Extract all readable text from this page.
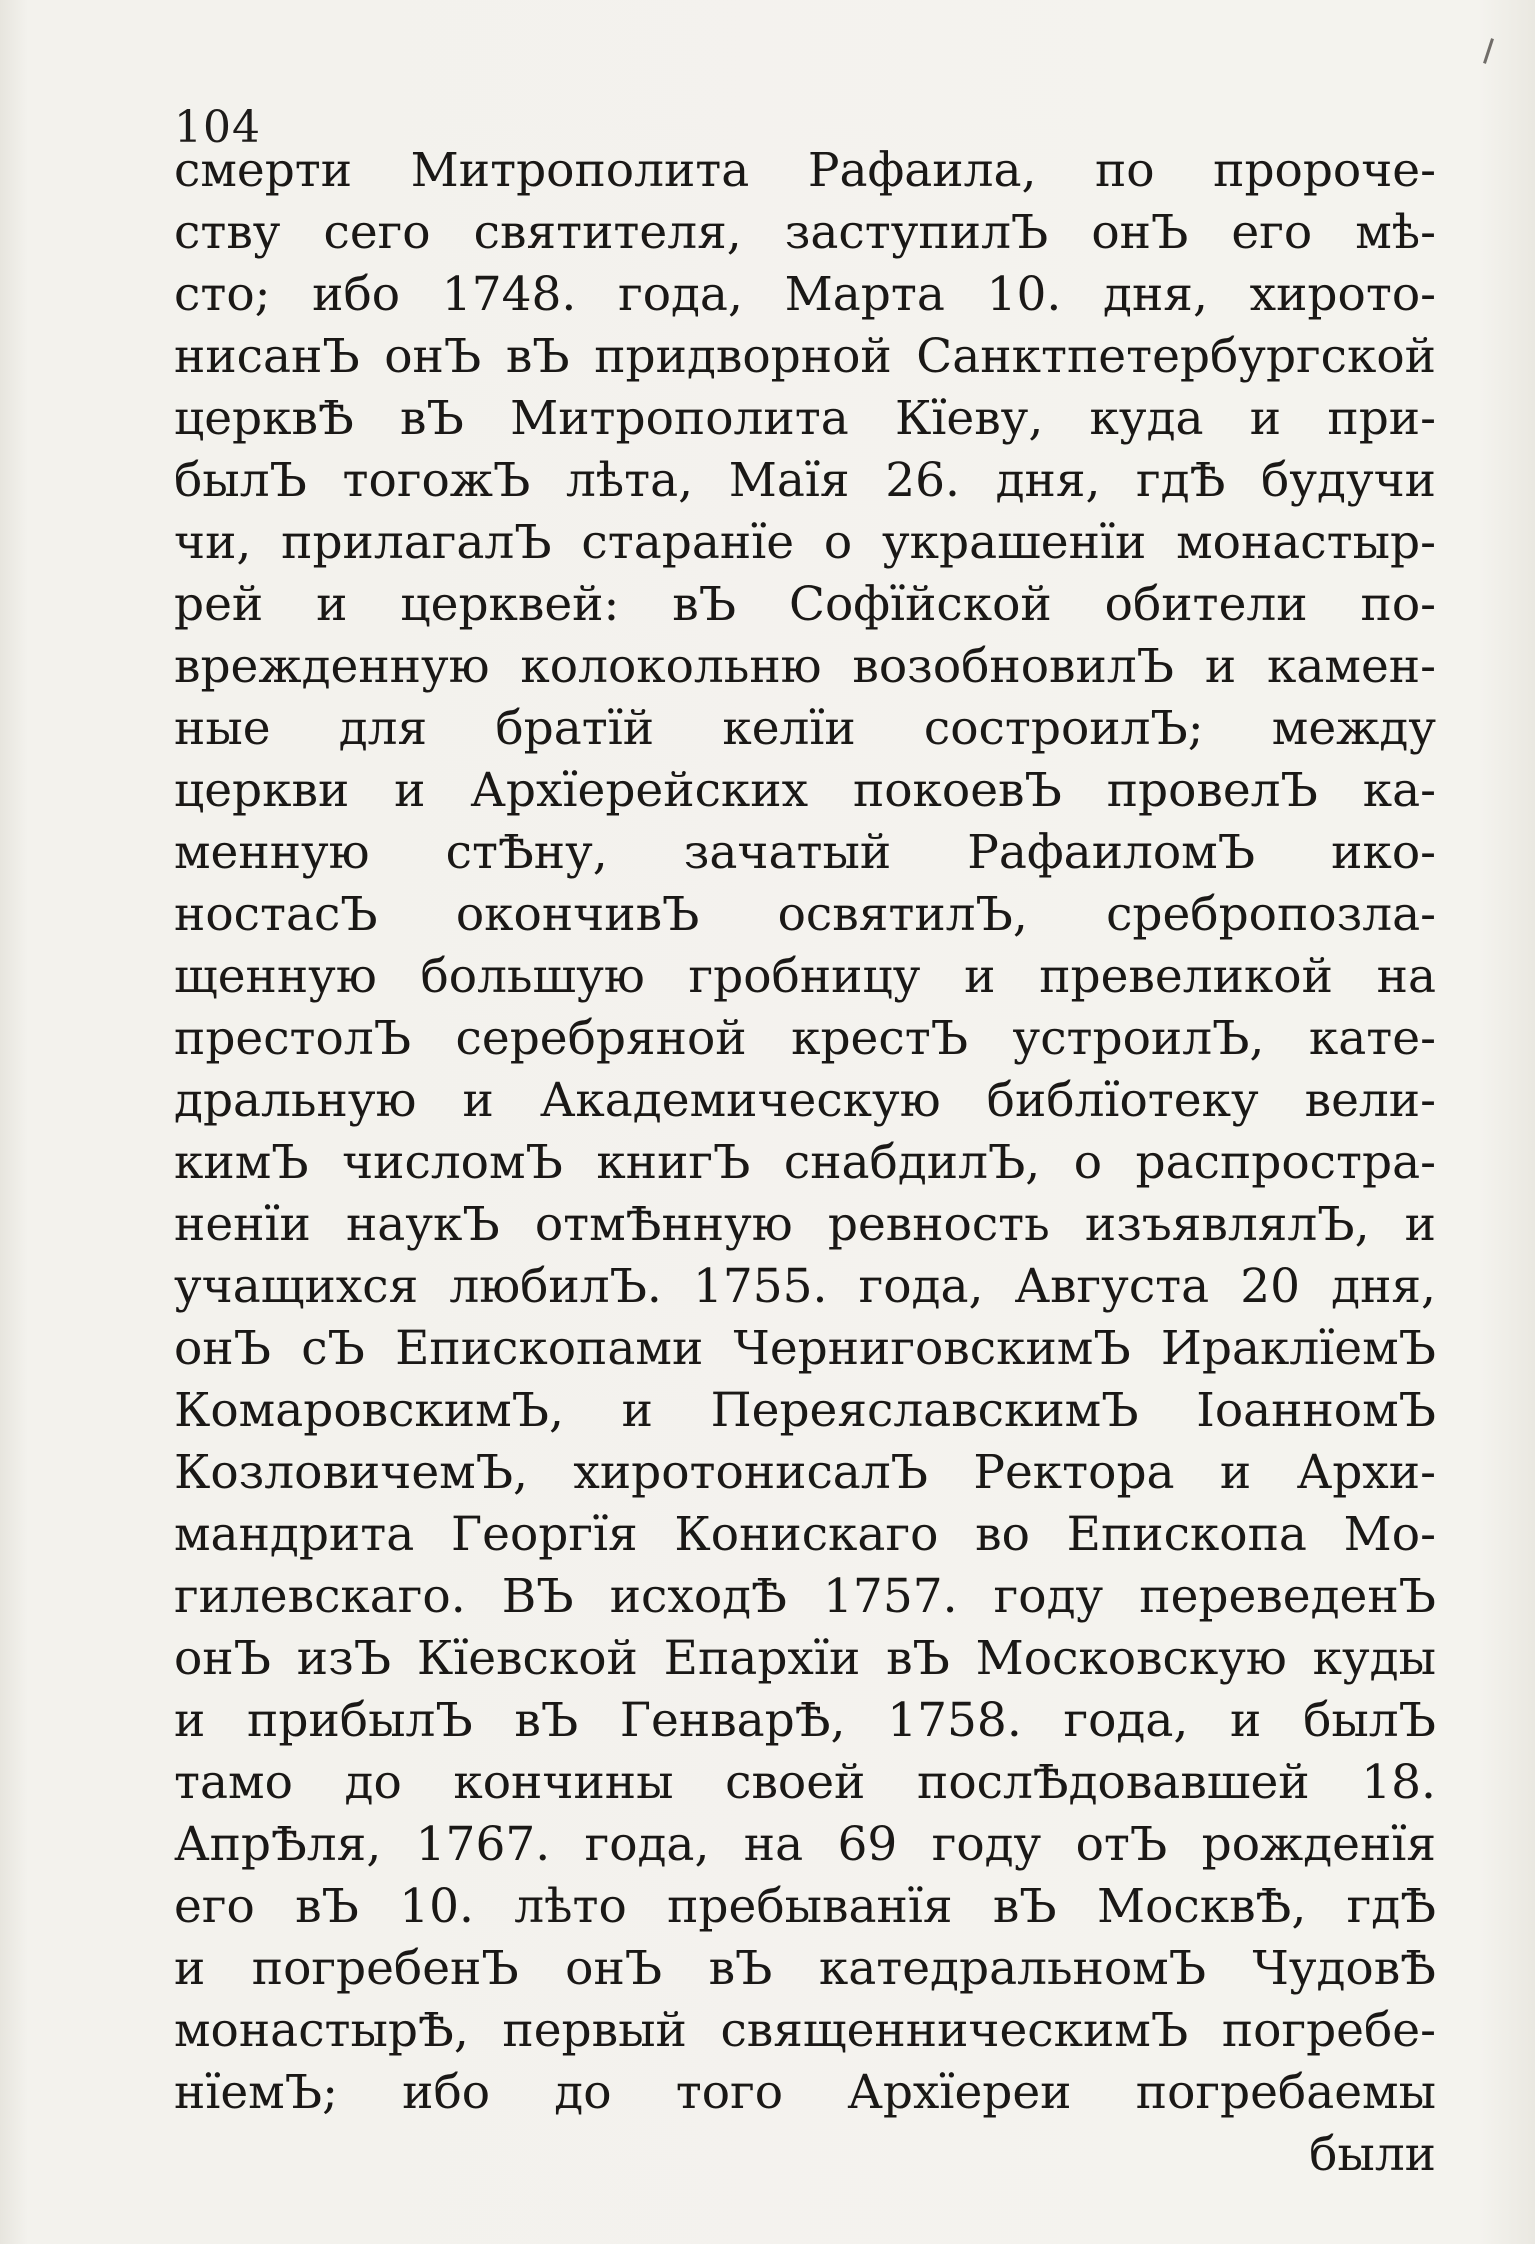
104
смерти Митрополита Рафаила, по пророче-
ству сего святителя, заступилЪ онЪ его мѣ-
сто; ибо 1748. года, Марта 10. дня, хирото-
нисанЪ онЪ вЪ придворной Санктпетербургской
церквѢ вЪ Митрополита Кїеву, куда и при-
былЪ тогожЪ лѣта, Маїя 26. дня, гдѢ будучи
чи, прилагалЪ старанїе о украшенїи монастыр-
рей и церквей: вЪ Софїйской обители по-
врежденную колокольню возобновилЪ и камен-
ные для братїй келїи состроилЪ; между
церкви и Архїерейских покоевЪ провелЪ ка-
менную стѢну, зачатый РафаиломЪ ико-
ностасЪ окончивЪ освятилЪ, сребропозла-
щенную большую гробницу и превеликой на
престолЪ серебряной крестЪ устроилЪ, кате-
дральную и Академическую библїотеку вели-
кимЪ числомЪ книгЪ снабдилЪ, о распростра-
ненїи наукЪ отмѢнную ревность изъявлялЪ, и
учащихся любилЪ. 1755. года, Августа 20 дня,
онЪ сЪ Епископами ЧерниговскимЪ ИраклїемЪ
КомаровскимЪ, и ПереяславскимЪ ІоанномЪ
КозловичемЪ, хиротонисалЪ Ректора и Архи-
мандрита Георгїя Конискаго во Епископа Мо-
гилевскаго. ВЪ исходѢ 1757. году переведенЪ
онЪ изЪ Кїевской Епархїи вЪ Московскую куды
и прибылЪ вЪ ГенварѢ, 1758. года, и былЪ
тамо до кончины своей послѢдовавшей 18.
АпрѢля, 1767. года, на 69 году отЪ рожденїя
его вЪ 10. лѣто пребыванїя вЪ МосквѢ, гдѢ
и погребенЪ онЪ вЪ катедральномЪ ЧудовѢ
монастырѢ, первый священническимЪ погребе-
нїемЪ; ибо до того Архїереи погребаемы
были
